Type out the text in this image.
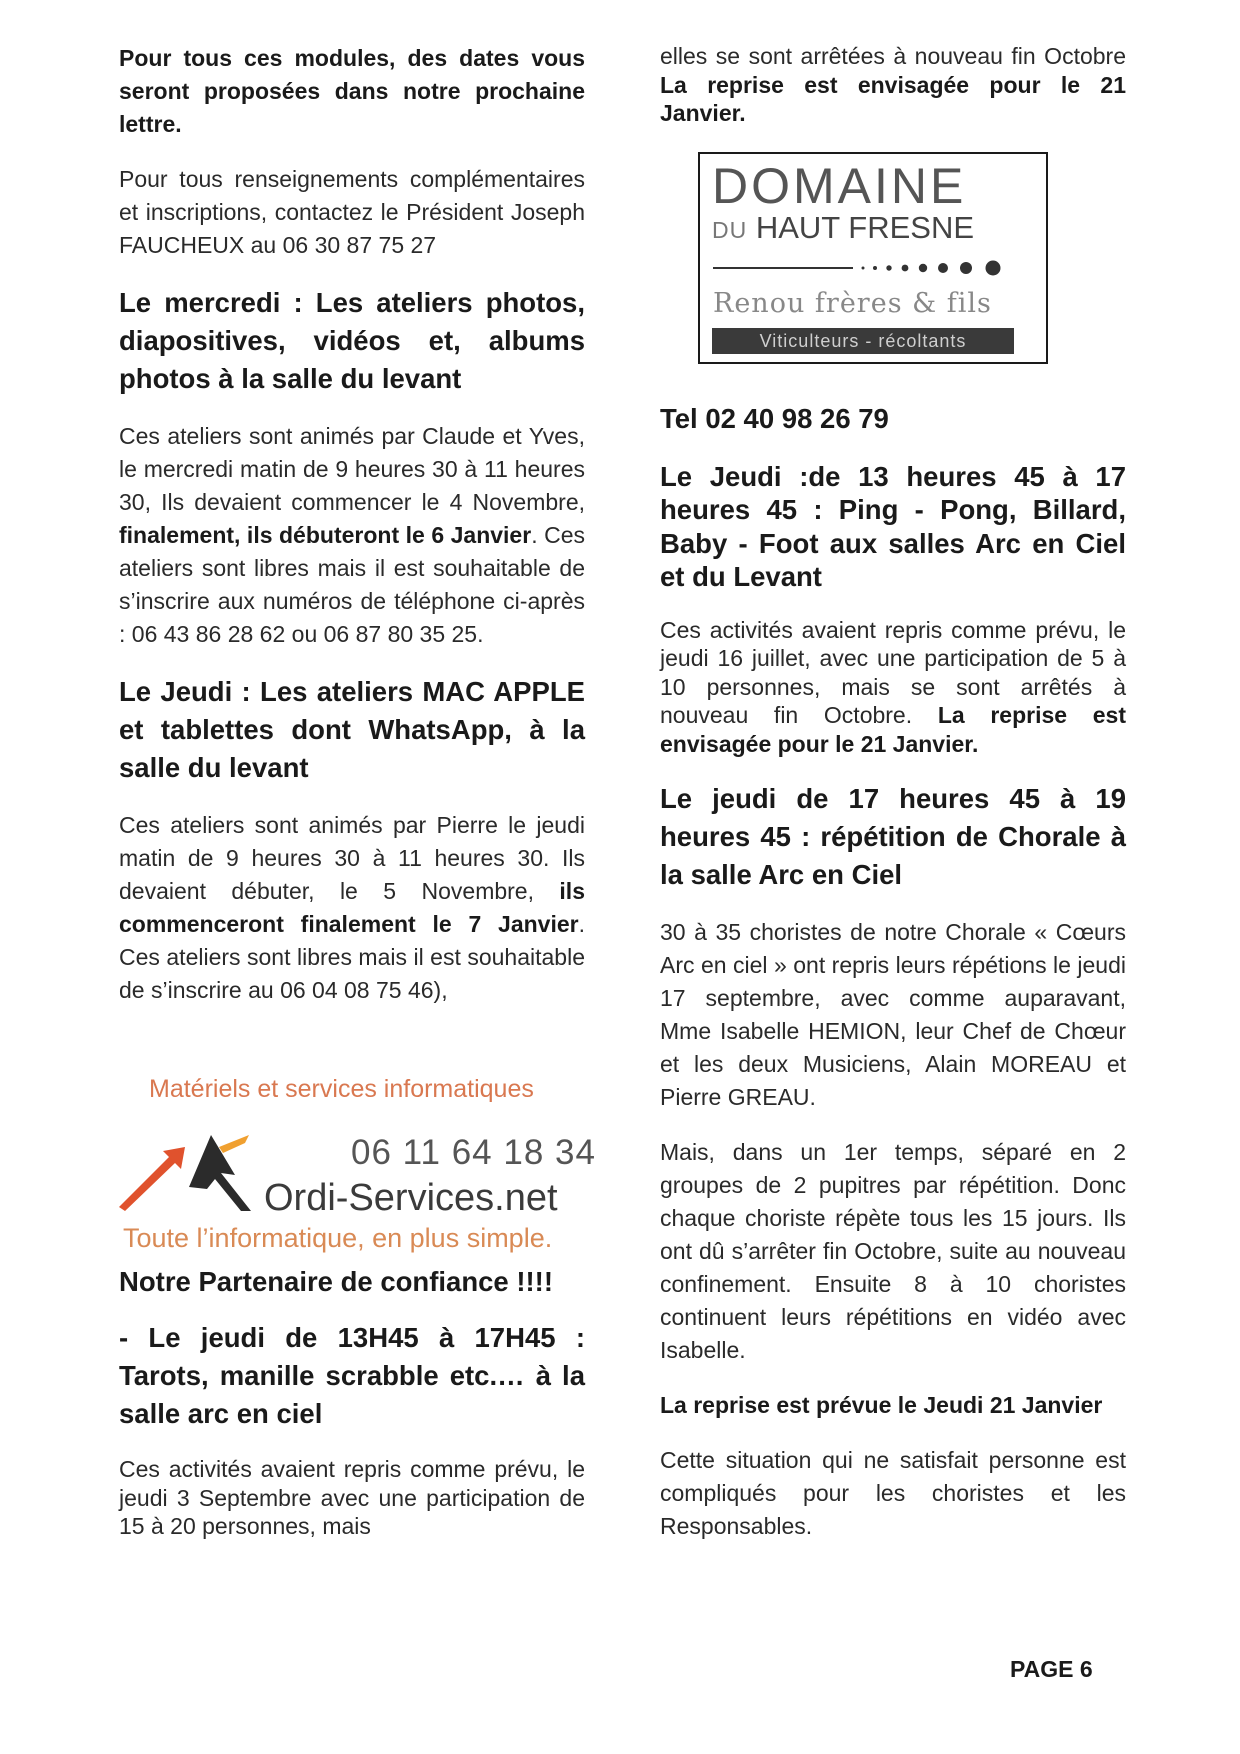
Pour tous ces modules, des dates vous seront proposées dans notre prochaine lettre.

Pour tous renseignements complémentaires et inscriptions, contactez le Président Joseph FAUCHEUX au 06 30 87 75 27

Le mercredi : Les ateliers photos, diapositives, vidéos et, albums photos à la salle du levant

Ces ateliers sont animés par Claude et Yves, le mercredi matin de 9 heures 30 à 11 heures 30, Ils devaient commencer le 4 Novembre, finalement, ils débuteront le 6 Janvier. Ces ateliers sont libres mais il est souhaitable de s’inscrire aux numéros de téléphone ci-après : 06 43 86 28 62 ou 06 87 80 35 25.

Le Jeudi : Les ateliers MAC APPLE et tablettes dont WhatsApp, à la salle du levant

Ces ateliers sont animés par Pierre le jeudi matin de 9 heures 30 à 11 heures 30. Ils devaient débuter, le 5 Novembre, ils commenceront finalement le 7 Janvier. Ces ateliers sont libres mais il est souhaitable de s’inscrire au 06 04 08 75 46),

Matériels et services informatiques
06 11 64 18 34
Ordi-Services.net
Toute l’informatique, en plus simple.

Notre Partenaire de confiance !!!!

- Le jeudi de 13H45 à 17H45 : Tarots, manille scrabble etc.… à la salle arc en ciel

Ces activités avaient repris comme prévu, le jeudi 3 Septembre avec une participation de 15 à 20 personnes, mais

elles se sont arrêtées à nouveau fin Octobre La reprise est envisagée pour le 21 Janvier.

DOMAINE
DU HAUT FRESNE
Renou frères & fils
Viticulteurs - récoltants

Tel 02 40 98 26 79

Le Jeudi :de 13 heures 45 à 17 heures 45 : Ping - Pong, Billard, Baby - Foot aux salles Arc en Ciel et du Levant

Ces activités avaient repris comme prévu, le jeudi 16 juillet, avec une participation de 5 à 10 personnes, mais se sont arrêtés à nouveau fin Octobre. La reprise est envisagée pour le 21 Janvier.

Le jeudi de 17 heures 45 à 19 heures 45 : répétition de Chorale à la salle Arc en Ciel

30 à 35 choristes de notre Chorale « Cœurs Arc en ciel » ont repris leurs répétions le jeudi 17 septembre, avec comme auparavant, Mme Isabelle HEMION, leur Chef de Chœur et les deux Musiciens, Alain MOREAU et Pierre GREAU.

Mais, dans un 1er temps, séparé en 2 groupes de 2 pupitres par répétition. Donc chaque choriste répète tous les 15 jours. Ils ont dû s’arrêter fin Octobre, suite au nouveau confinement. Ensuite 8 à 10 choristes continuent leurs répétitions en vidéo avec Isabelle.

La reprise est prévue le Jeudi 21 Janvier

Cette situation qui ne satisfait personne est compliqués pour les choristes et les Responsables.

PAGE 6
